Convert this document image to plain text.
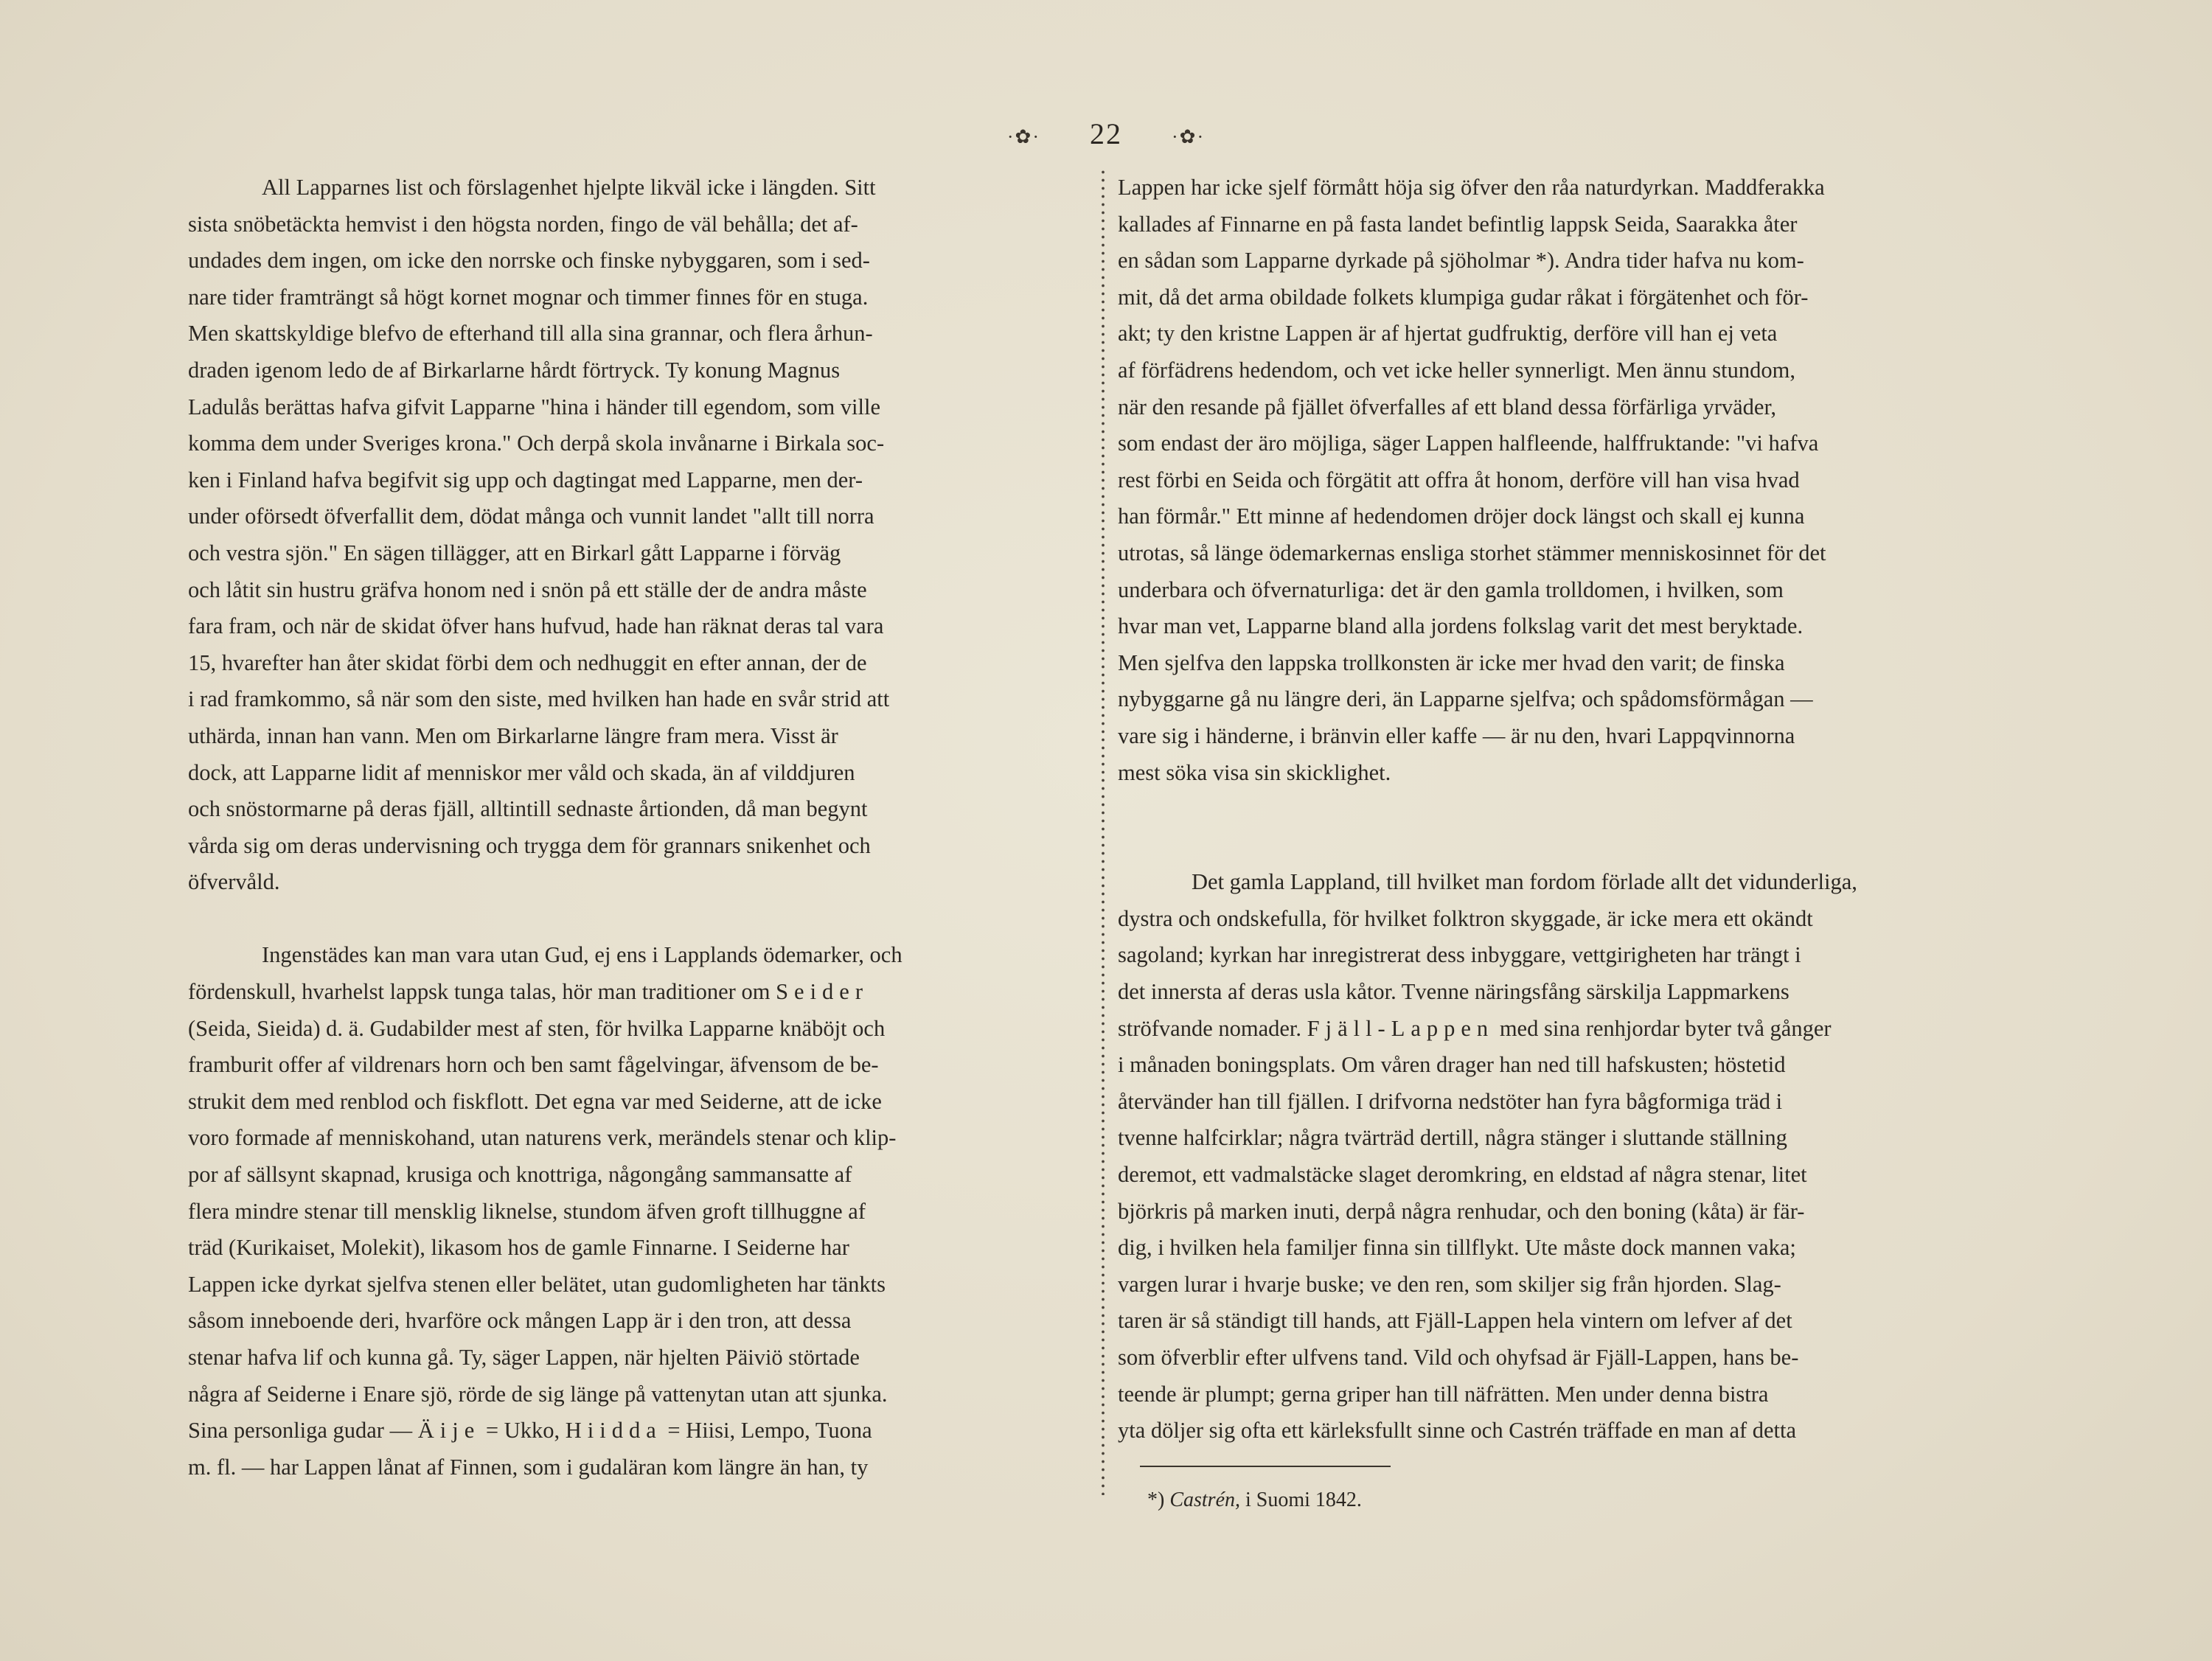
·✿· 22	·✿·

All Lapparnes list och förslagenhet hjelpte likväl icke i längden. Sitt

sista snöbetäckta hemvist i den högsta norden, fingo de väl behålla; det af-

undades dem ingen, om icke den norrske och finske nybyggaren, som i sed-

nare tider framträngt så högt kornet mognar och timmer finnes för en stuga.

Men skattskyldige blefvo de efterhand till alla sina grannar, och flera århun-

draden igenom ledo de af Birkarlarne hårdt förtryck. Ty konung Magnus

Ladulås berättas hafva gifvit Lapparne "hina i händer till egendom, som ville

komma dem under Sveriges krona." Och derpå skola invånarne i Birkala soc-

ken i Finland hafva begifvit sig upp och dagtingat med Lapparne, men der-

under oförsedt öfverfallit dem, dödat många och vunnit landet "allt till norra

och vestra sjön." En sägen tillägger, att en Birkarl gått Lapparne i förväg

och låtit sin hustru gräfva honom ned i snön på ett ställe der de andra måste

fara fram, och när de skidat öfver hans hufvud, hade han räknat deras tal vara

15, hvarefter han åter skidat förbi dem och nedhuggit en efter annan, der de

i rad framkommo, så när som den siste, med hvilken han hade en svår strid att

uthärda, innan han vann. Men om Birkarlarne längre fram mera. Visst är

dock, att Lapparne lidit af menniskor mer våld och skada, än af vilddjuren

och snöstormarne på deras fjäll, alltintill sednaste årtionden, då man begynt

vårda sig om deras undervisning och trygga dem för grannars snikenhet och

öfvervåld.

Ingenstädes kan man vara utan Gud, ej ens i Lapplands ödemarker, och

fördenskull, hvarhelst lappsk tunga talas, hör man traditioner om Seider

(Seida, Sieida) d. ä. Gudabilder mest af sten, för hvilka Lapparne knäböjt och

framburit offer af vildrenars horn och ben samt fågelvingar, äfvensom de be-

strukit dem med renblod och fiskflott. Det egna var med Seiderne, att de icke

voro formade af menniskohand, utan naturens verk, merändels stenar och klip-

por af sällsynt skapnad, krusiga och knottriga, någongång sammansatte af

flera mindre stenar till mensklig liknelse, stundom äfven groft tillhuggne af

träd (Kurikaiset, Molekit), likasom hos de gamle Finnarne. I Seiderne har

Lappen icke dyrkat sjelfva stenen eller belätet, utan gudomligheten har tänkts

såsom inneboende deri, hvarföre ock mången Lapp är i den tron, att dessa

stenar hafva lif och kunna gå. Ty, säger Lappen, när hjelten Päiviö störtade

några af Seiderne i Enare sjö, rörde de sig länge på vattenytan utan att sjunka.

Sina personliga gudar — Äije = Ukko, Hiidda = Hiisi, Lempo, Tuona

m. fl. — har Lappen lånat af Finnen, som i gudaläran kom längre än han, ty

Lappen har icke sjelf förmått höja sig öfver den råa naturdyrkan. Maddferakka

kallades af Finnarne en på fasta landet befintlig lappsk Seida, Saarakka åter

en sådan som Lapparne dyrkade på sjöholmar *). Andra tider hafva nu kom-

mit, då det arma obildade folkets klumpiga gudar råkat i förgätenhet och för-

akt; ty den kristne Lappen är af hjertat gudfruktig, derföre vill han ej veta

af förfädrens hedendom, och vet icke heller synnerligt. Men ännu stundom,

när den resande på fjället öfverfalles af ett bland dessa förfärliga yrväder,

som endast der äro möjliga, säger Lappen halfleende, halffruktande: "vi hafva

rest förbi en Seida och förgätit att offra åt honom, derföre vill han visa hvad

han förmår." Ett minne af hedendomen dröjer dock längst och skall ej kunna

utrotas, så länge ödemarkernas ensliga storhet stämmer menniskosinnet för det

underbara och öfvernaturliga: det är den gamla trolldomen, i hvilken, som

hvar man vet, Lapparne bland alla jordens folkslag varit det mest beryktade.

Men sjelfva den lappska trollkonsten är icke mer hvad den varit; de finska

nybyggarne gå nu längre deri, än Lapparne sjelfva; och spådomsförmågan —

vare sig i händerne, i bränvin eller kaffe — är nu den, hvari Lappqvinnorna

mest söka visa sin skicklighet.

Det gamla Lappland, till hvilket man fordom förlade allt det vidunderliga,

dystra och ondskefulla, för hvilket folktron skyggade, är icke mera ett okändt

sagoland; kyrkan har inregistrerat dess inbyggare, vettgirigheten har trängt i

det innersta af deras usla kåtor. Tvenne näringsfång särskilja Lappmarkens

ströfvande nomader. Fjäll-Lappen med sina renhjordar byter två gånger

i månaden boningsplats. Om våren drager han ned till hafskusten; höstetid

återvänder han till fjällen. I drifvorna nedstöter han fyra bågformiga träd i

tvenne halfcirklar; några tvärträd dertill, några stänger i sluttande ställning

deremot, ett vadmalstäcke slaget deromkring, en eldstad af några stenar, litet

björkris på marken inuti, derpå några renhudar, och den boning (kåta) är fär-

dig, i hvilken hela familjer finna sin tillflykt. Ute måste dock mannen vaka;

vargen lurar i hvarje buske; ve den ren, som skiljer sig från hjorden. Slag-

taren är så ständigt till hands, att Fjäll-Lappen hela vintern om lefver af det

som öfverblir efter ulfvens tand. Vild och ohyfsad är Fjäll-Lappen, hans be-

teende är plumpt; gerna griper han till näfrätten. Men under denna bistra

yta döljer sig ofta ett kärleksfullt sinne och Castrén träffade en man af detta

*) Castrén, i Suomi 1842.
